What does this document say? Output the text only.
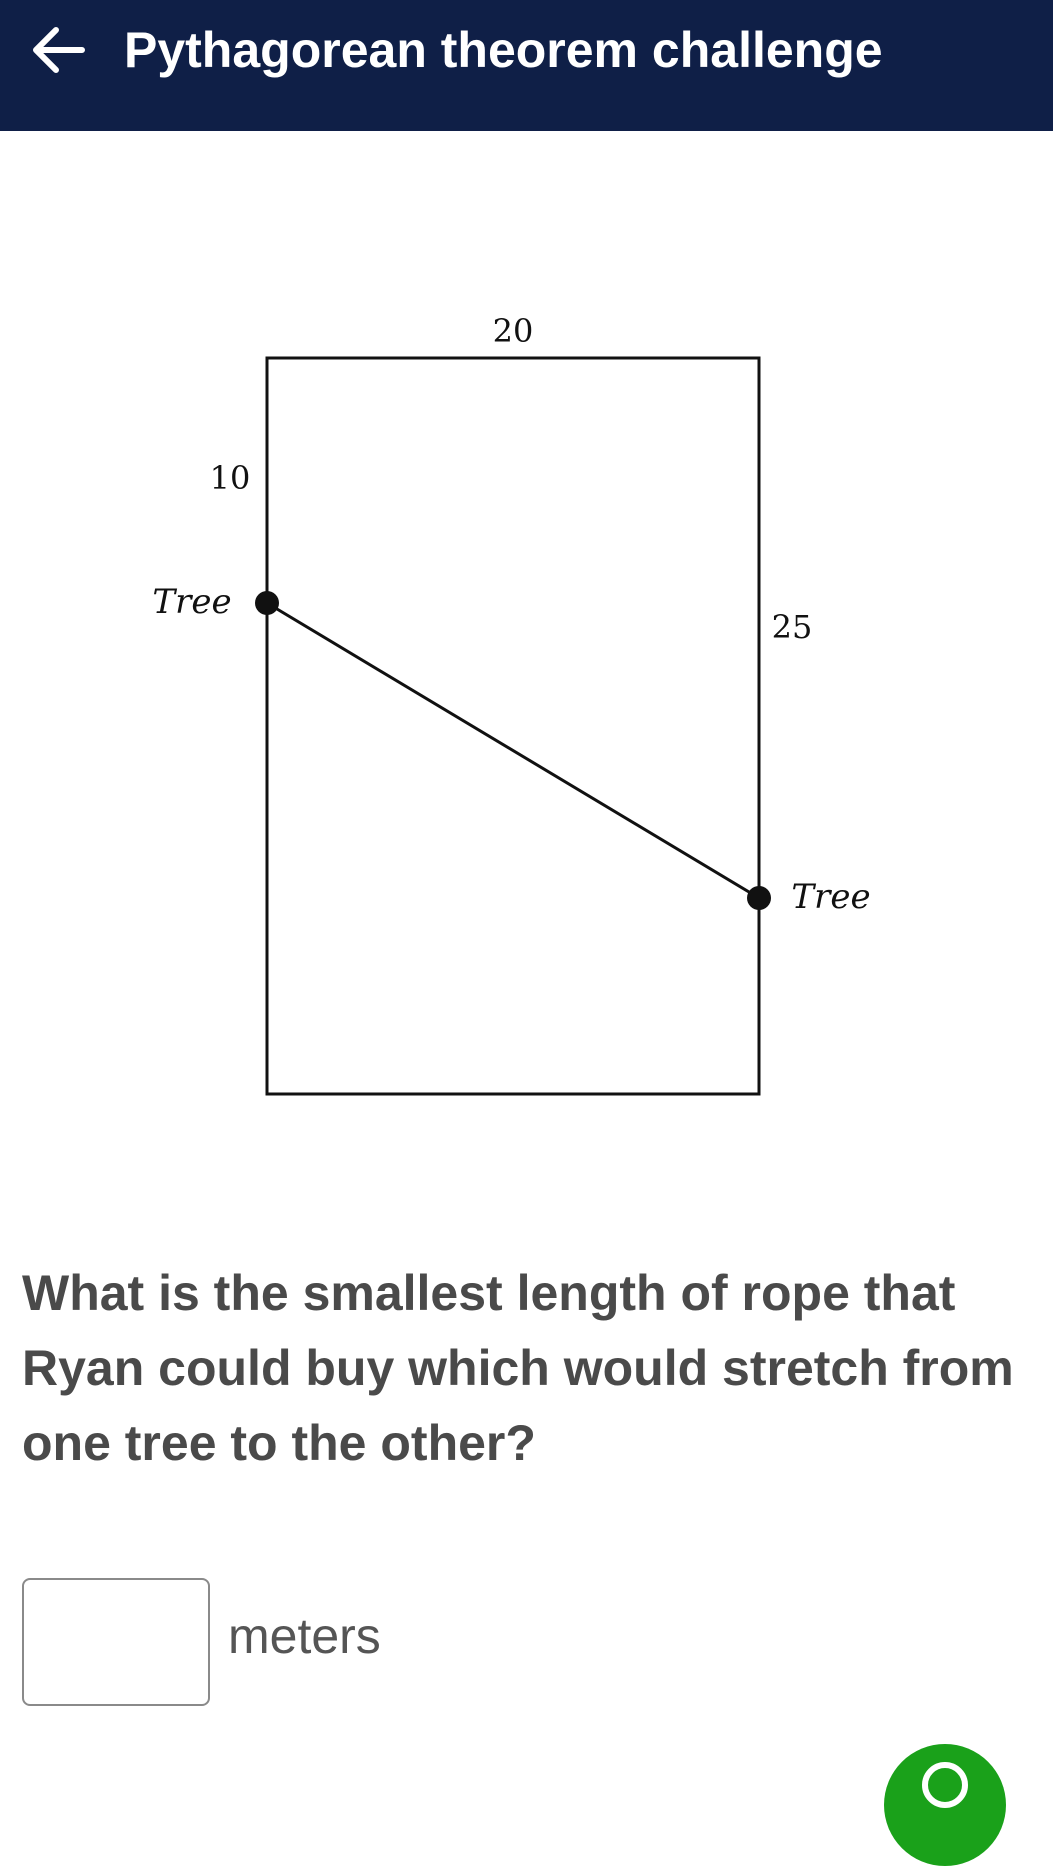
Pythagorean theorem challenge
20
10
25
Tree
Tree
What is the smallest length of rope that Ryan could buy which would stretch from one tree to the other?
meters
